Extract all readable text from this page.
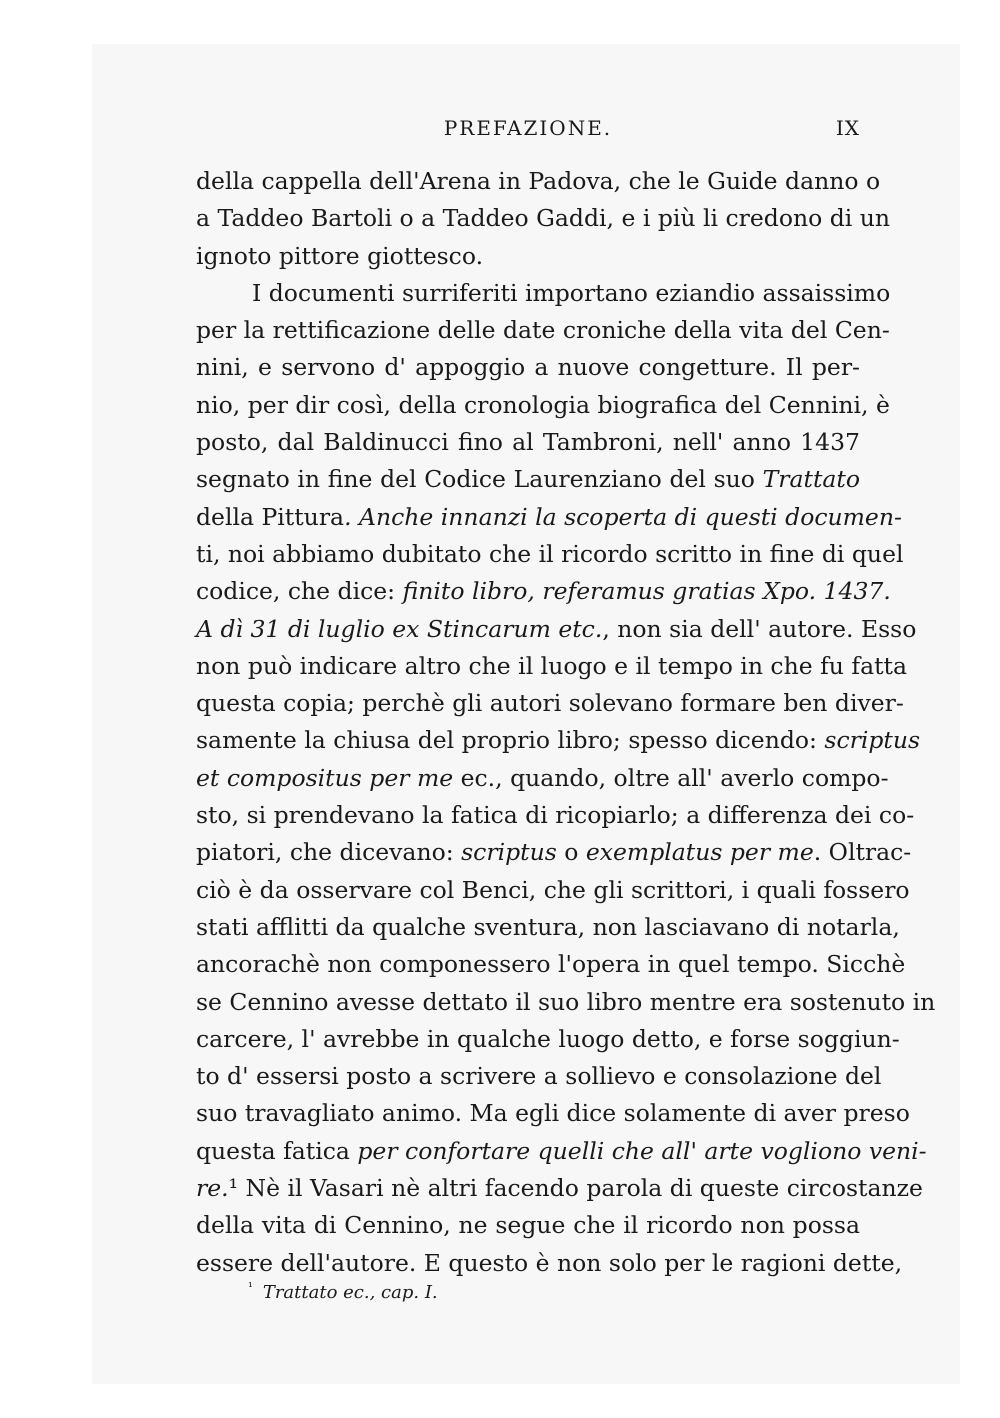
PREFAZIONE.	IX
della cappella dell'Arena in Padova, che le Guide danno o
a Taddeo Bartoli o a Taddeo Gaddi, e i più li credono di un
ignoto pittore giottesco.
I documenti surriferiti importano eziandio assaissimo
per la rettificazione delle date croniche della vita del Cen-
nini, e servono d' appoggio a nuove congetture. Il per-
nio, per dir così, della cronologia biografica del Cennini, è
posto, dal Baldinucci fino al Tambroni, nell' anno 1437
segnato in fine del Codice Laurenziano del suo Trattato
della Pittura. Anche innanzi la scoperta di questi documen-
ti, noi abbiamo dubitato che il ricordo scritto in fine di quel
codice, che dice: finito libro, referamus gratias Xpo. 1437.
A dì 31 di luglio ex Stincarum etc., non sia dell' autore. Esso
non può indicare altro che il luogo e il tempo in che fu fatta
questa copia; perchè gli autori solevano formare ben diver-
samente la chiusa del proprio libro; spesso dicendo: scriptus
et compositus per me ec., quando, oltre all' averlo compo-
sto, si prendevano la fatica di ricopiarlo; a differenza dei co-
piatori, che dicevano: scriptus o exemplatus per me. Oltrac-
ciò è da osservare col Benci, che gli scrittori, i quali fossero
stati afflitti da qualche sventura, non lasciavano di notarla,
ancorachè non componessero l'opera in quel tempo. Sicchè
se Cennino avesse dettato il suo libro mentre era sostenuto in
carcere, l' avrebbe in qualche luogo detto, e forse soggiun-
to d' essersi posto a scrivere a sollievo e consolazione del
suo travagliato animo. Ma egli dice solamente di aver preso
questa fatica per confortare quelli che all' arte vogliono veni-
re.¹ Nè il Vasari nè altri facendo parola di queste circostanze
della vita di Cennino, ne segue che il ricordo non possa
essere dell'autore. E questo è non solo per le ragioni dette,
$^{^1}$ Trattato ec., cap. I.
